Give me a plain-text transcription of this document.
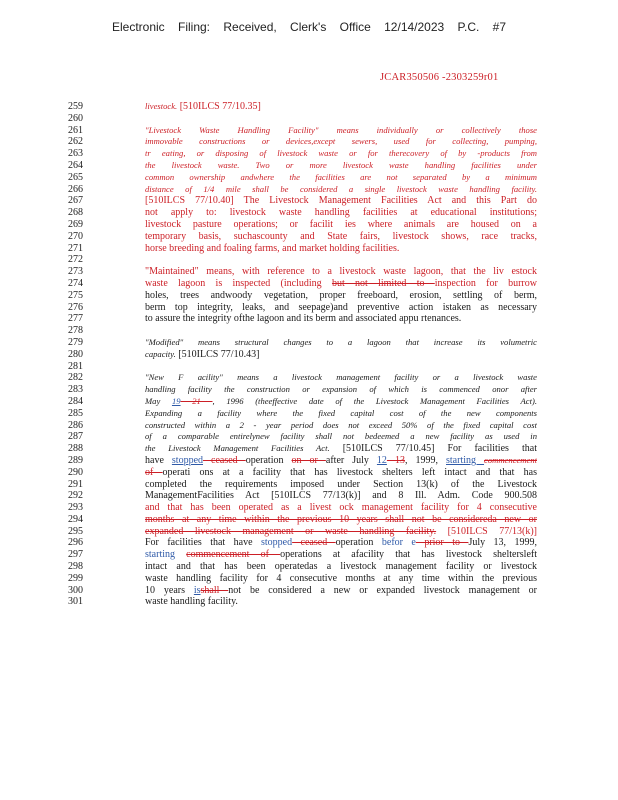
Electronic Filing: Received, Clerk's Office 12/14/2023 P.C. #7
JCAR350506 -2303259r01
259	livestock. [510ILCS 77/10.35]
260
261	"Livestock Waste Handling Facility" means individually or collectively those
262	immovable constructions or devices,except sewers, used for collecting, pumping,
263	tr eating, or disposing of livestock waste or for therecovery of by -products from
264	the livestock waste. Two or more livestock waste handling facilities under
265	common ownership andwhere the facilities are not separated by a minimum
266	distance of 1/4 mile shall be considered a single livestock waste handling facility.
267	[510ILCS 77/10.40] The Livestock Management Facilities Act and this Part do
268	not apply to: livestock waste handling facilities at educational institutions;
269	livestock pasture operations; or facilit ies where animals are housed on a
270	temporary basis, suchascounty and State fairs, livestock shows, race tracks,
271	horse breeding and foaling farms, and market holding facilities.
272
273	"Maintained" means, with reference to a livestock waste lagoon, that the liv estock
274	waste lagoon is inspected (including but not limited to inspection for burrow
275	holes, trees andwoody vegetation, proper freeboard, erosion, settling of berm,
276	berm top integrity, leaks, and seepage)and preventive action istaken as necessary
277	to assure the integrity ofthe lagoon and its berm and associated appu rtenances.
278
279	"Modified" means structural changes to a lagoon that increase its volumetric
280	capacity. [510ILCS 77/10.43]
281
282	"New F acility" means a livestock management facility or a livestock waste
283	handling facility the construction or expansion of which is commenced onor after
284	May 19 21 , 1996 (theeffective date of the Livestock Management Facilities Act).
285	Expanding a facility where the fixed capital cost of the new components
286	constructed within a 2 - year period does not exceed 50% of the fixed capital cost
287	of a comparable entirelynew facility shall not bedeemed a new facility as used in
288	the Livestock Management Facilities Act. [510ILCS 77/10.45] For facilities that
289	have stopped ceased operation on or after July 12 13, 1999, starting commencement
290	of operati ons at a facility that has livestock shelters left intact and that has
291	completed the requirements imposed under Section 13(k) of the Livestock
292	ManagementFacilities Act [510ILCS 77/13(k)] and 8 Ill. Adm. Code 900.508
293	and that has been operated as a livest ock management facility for 4 consecutive
294	months at any time within the previous 10 years shall not be considereda new or
295	expanded livestock management or waste handling facility. [510ILCS 77/13(k)]
296	For facilities that have stopped ceased operation befor e prior to July 13, 1999,
297	starting commencement of operations at afacility that has livestock sheltersleft
298	intact and that has been operatedas a livestock management facility or livestock
299	waste handling facility for 4 consecutive months at any time within the previous
300	10 years isshall not be considered a new or expanded livestock management or
301	waste handling facility.
